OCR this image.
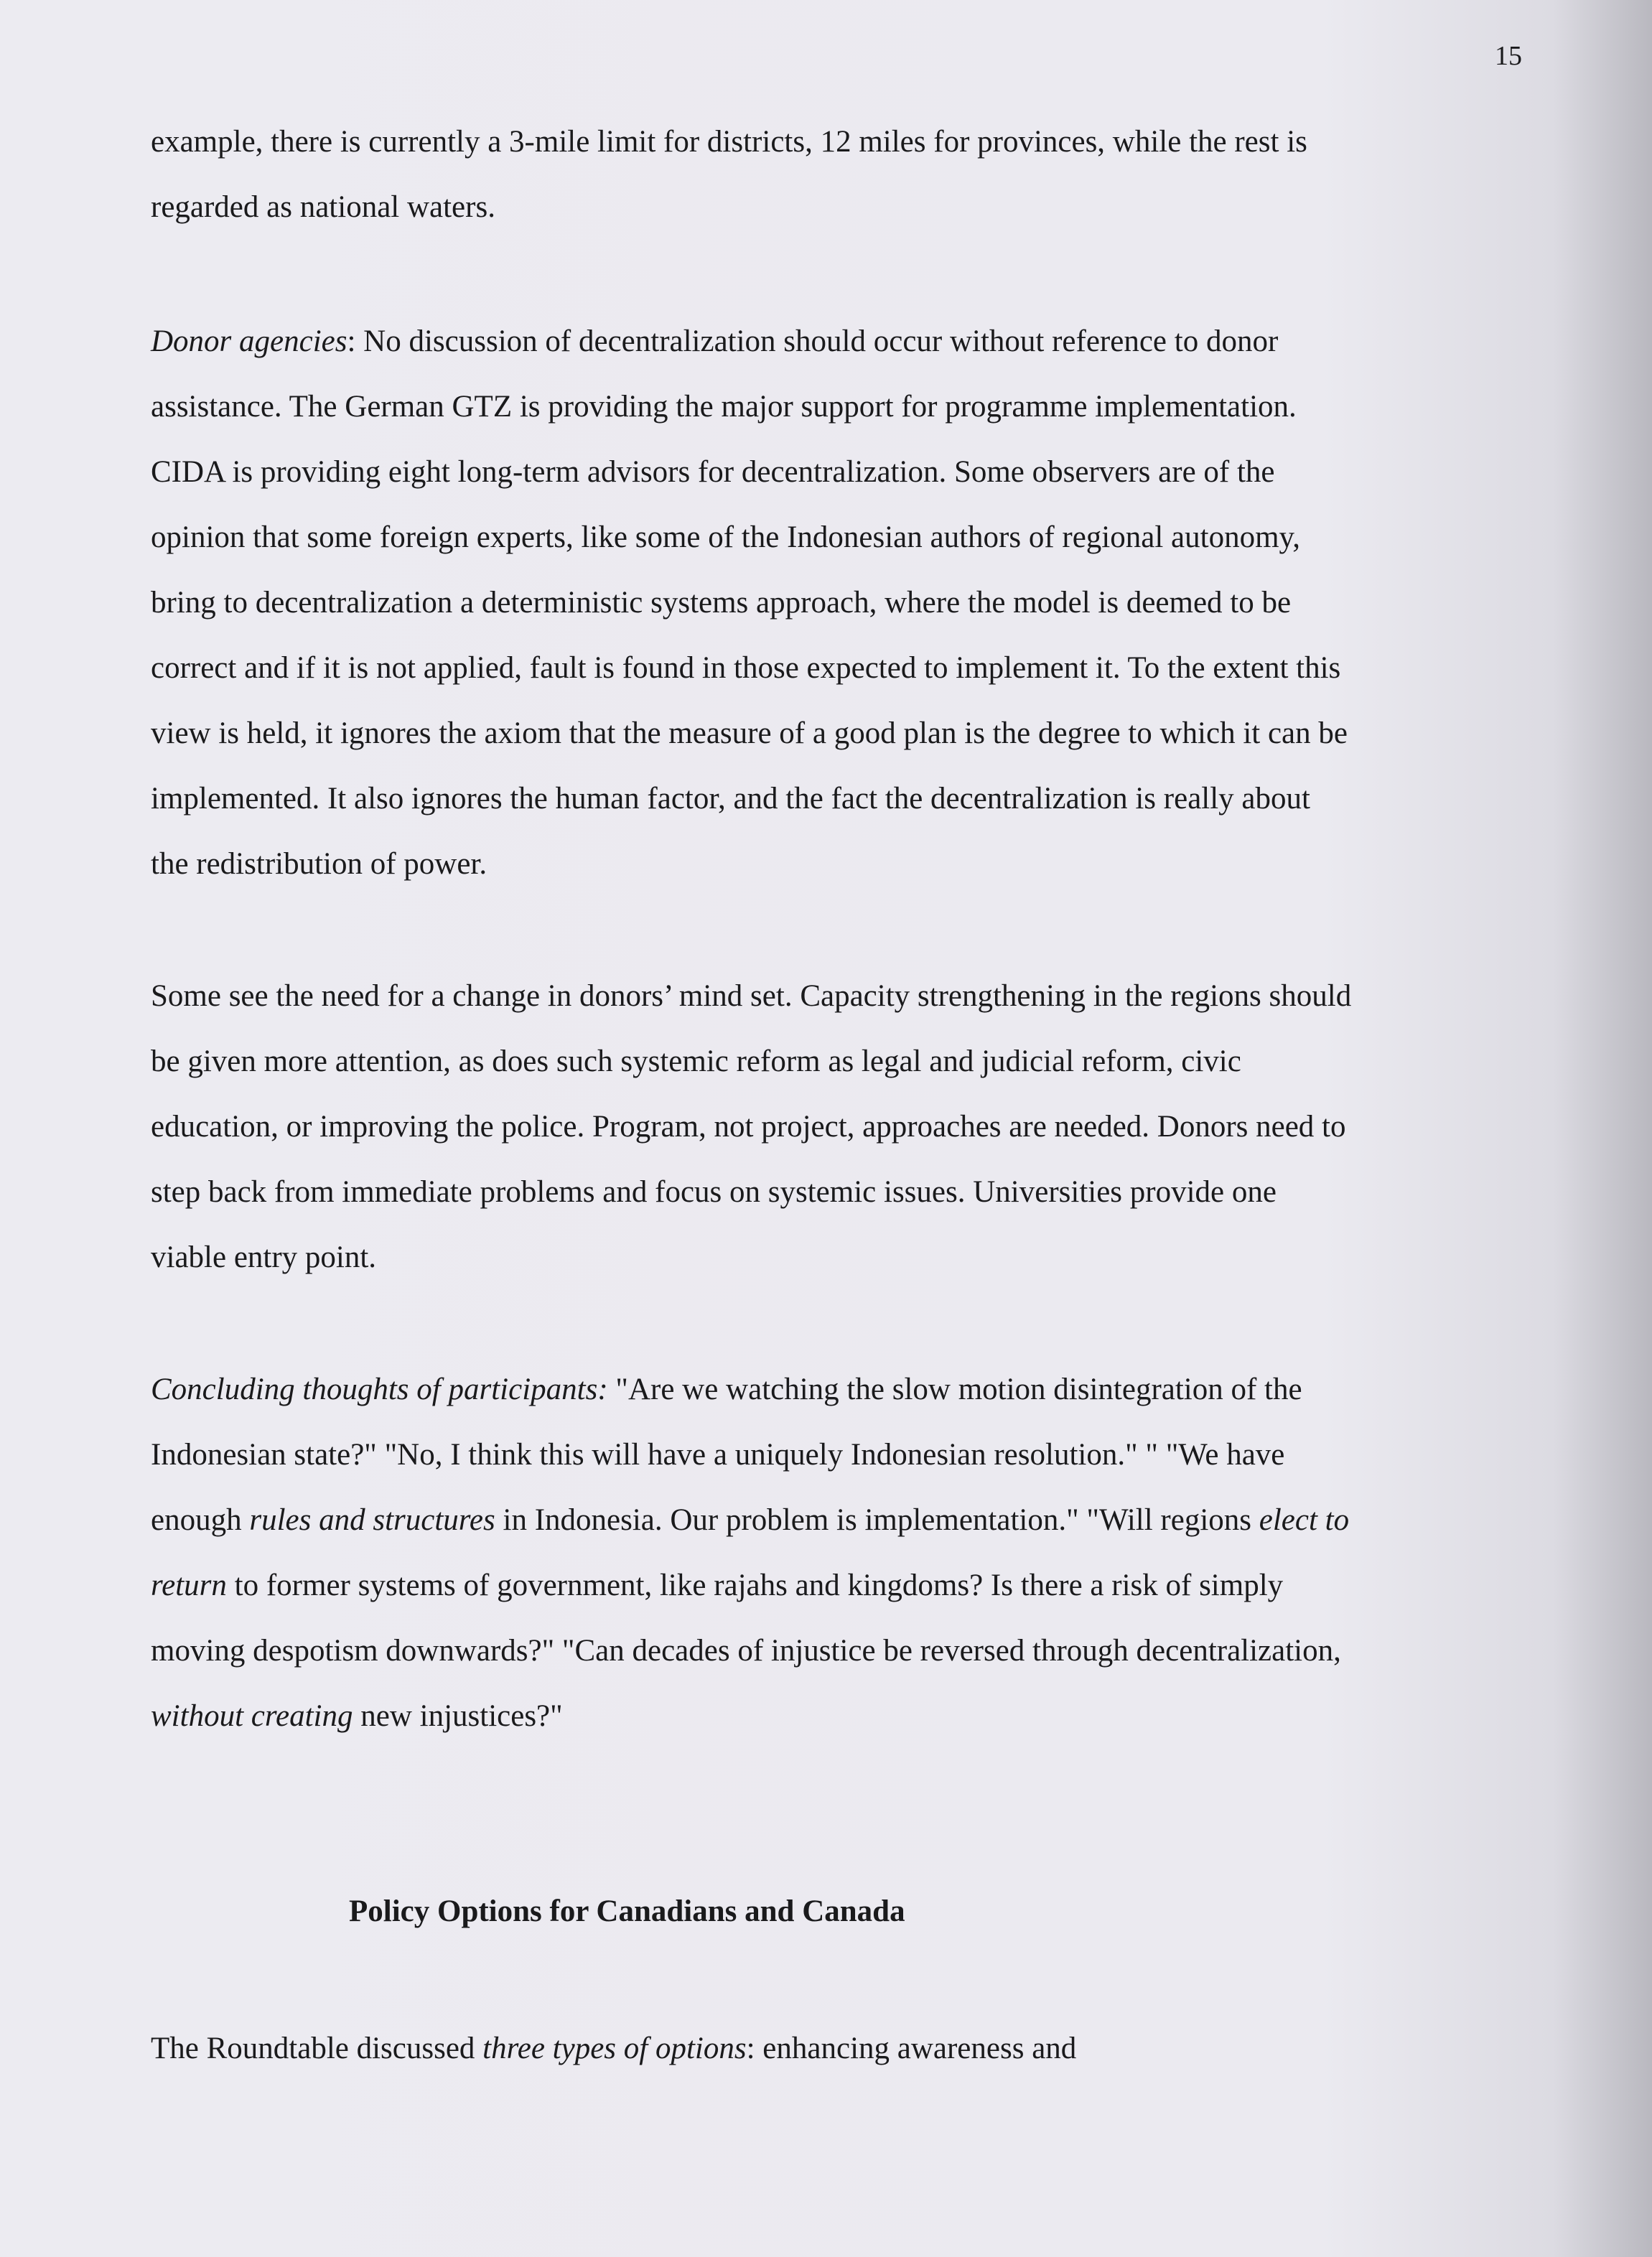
15

example, there is currently a 3-mile limit for districts, 12 miles for provinces, while the rest is
regarded as national waters.

Donor agencies: No discussion of decentralization should occur without reference to donor
assistance. The German GTZ is providing the major support for programme implementation.
CIDA is providing eight long-term advisors for decentralization. Some observers are of the
opinion that some foreign experts, like some of the Indonesian authors of regional autonomy,
bring to decentralization a deterministic systems approach, where the model is deemed to be
correct and if it is not applied, fault is found in those expected to implement it. To the extent this
view is held, it ignores the axiom that the measure of a good plan is the degree to which it can be
implemented. It also ignores the human factor, and the fact the decentralization is really about
the redistribution of power.

Some see the need for a change in donors’ mind set. Capacity strengthening in the regions should
be given more attention, as does such systemic reform as legal and judicial reform, civic
education, or improving the police. Program, not project, approaches are needed. Donors need to
step back from immediate problems and focus on systemic issues. Universities provide one
viable entry point.

Concluding thoughts of participants: "Are we watching the slow motion disintegration of the
Indonesian state?" "No, I think this will have a uniquely Indonesian resolution." " "We have
enough rules and structures in Indonesia. Our problem is implementation." "Will regions elect to
return to former systems of government, like rajahs and kingdoms? Is there a risk of simply
moving despotism downwards?" "Can decades of injustice be reversed through decentralization,
without creating new injustices?"

Policy Options for Canadians and Canada

The Roundtable discussed three types of options: enhancing awareness and
